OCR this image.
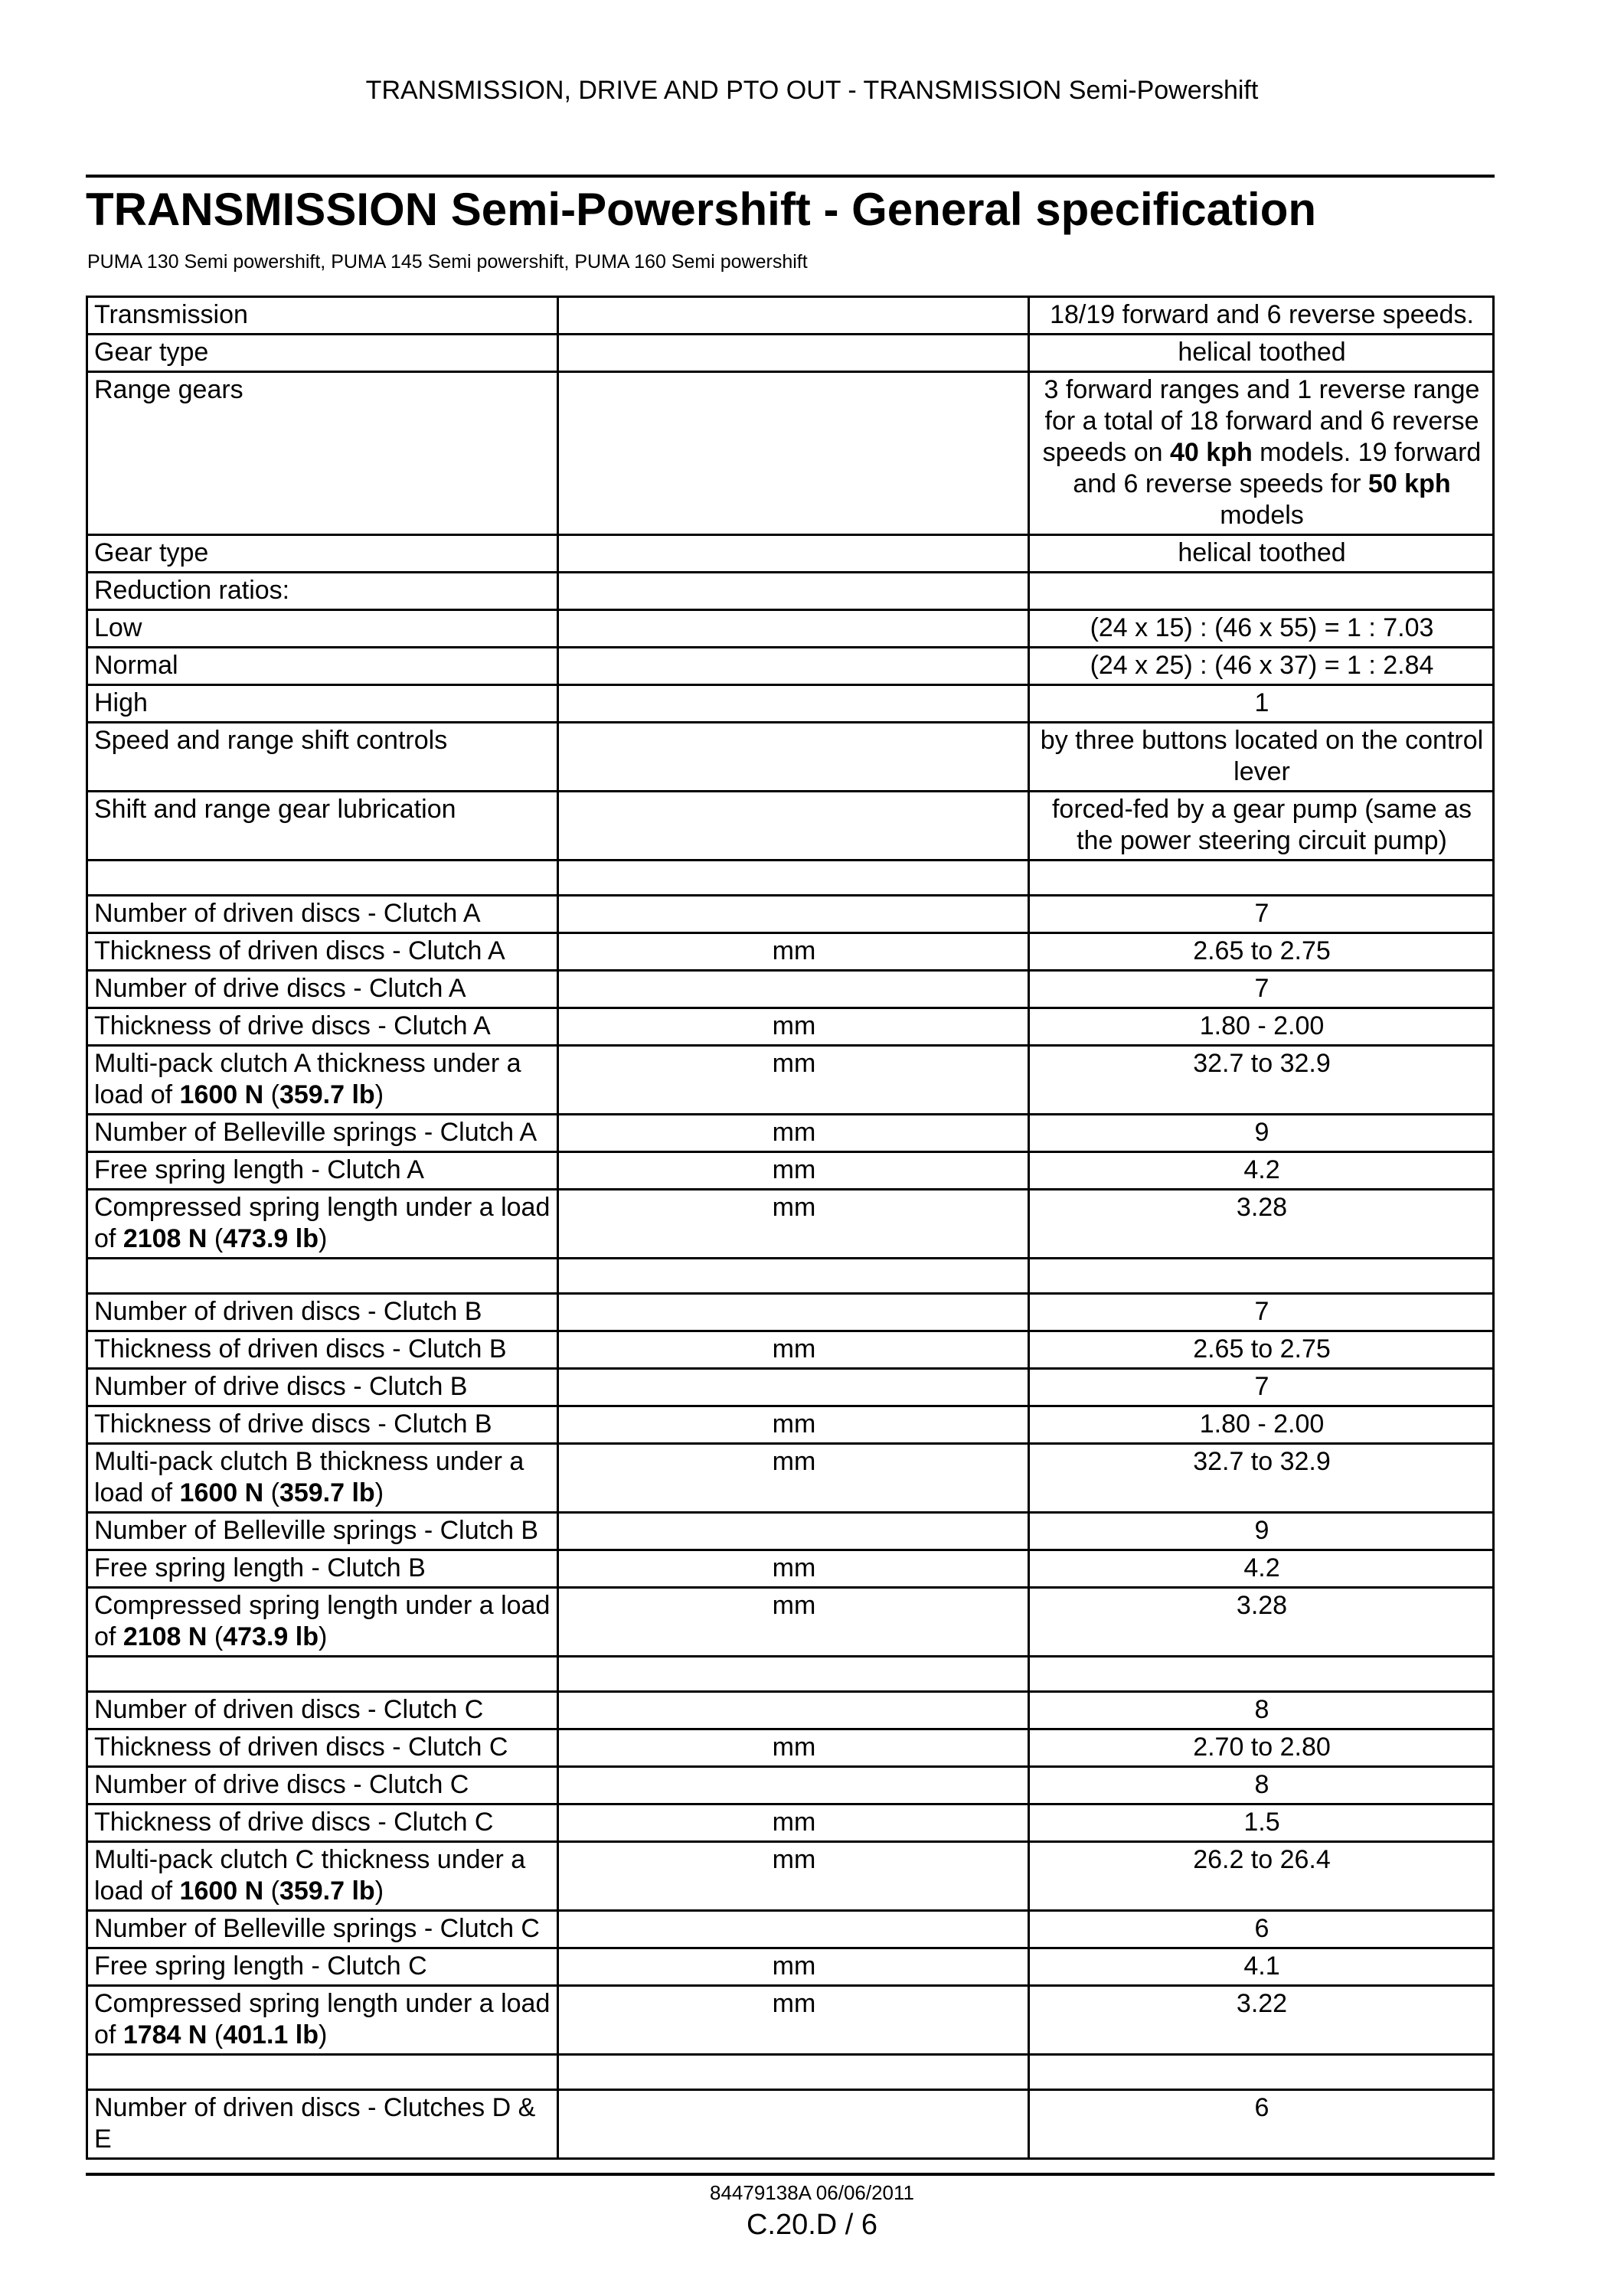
TRANSMISSION, DRIVE AND PTO OUT - TRANSMISSION Semi-Powershift
TRANSMISSION Semi-Powershift - General specification
PUMA 130 Semi powershift, PUMA 145 Semi powershift, PUMA 160 Semi powershift
Transmission		18/19 forward and 6 reverse speeds.
Gear type		helical toothed
Range gears		3 forward ranges and 1 reverse range for a total of 18 forward and 6 reverse speeds on 40 kph models. 19 forward and 6 reverse speeds for 50 kph models
Gear type		helical toothed
Reduction ratios:		
Low		(24 x 15) : (46 x 55) = 1 : 7.03
Normal		(24 x 25) : (46 x 37) = 1 : 2.84
High		1
Speed and range shift controls		by three buttons located on the control lever
Shift and range gear lubrication		forced-fed by a gear pump (same as the power steering circuit pump)

Number of driven discs - Clutch A		7
Thickness of driven discs - Clutch A	mm	2.65 to 2.75
Number of drive discs - Clutch A		7
Thickness of drive discs - Clutch A	mm	1.80 - 2.00
Multi-pack clutch A thickness under a load of 1600 N (359.7 lb)	mm	32.7 to 32.9
Number of Belleville springs - Clutch A	mm	9
Free spring length - Clutch A	mm	4.2
Compressed spring length under a load of 2108 N (473.9 lb)	mm	3.28

Number of driven discs - Clutch B		7
Thickness of driven discs - Clutch B	mm	2.65 to 2.75
Number of drive discs - Clutch B		7
Thickness of drive discs - Clutch B	mm	1.80 - 2.00
Multi-pack clutch B thickness under a load of 1600 N (359.7 lb)	mm	32.7 to 32.9
Number of Belleville springs - Clutch B		9
Free spring length - Clutch B	mm	4.2
Compressed spring length under a load of 2108 N (473.9 lb)	mm	3.28

Number of driven discs - Clutch C		8
Thickness of driven discs - Clutch C	mm	2.70 to 2.80
Number of drive discs - Clutch C		8
Thickness of drive discs - Clutch C	mm	1.5
Multi-pack clutch C thickness under a load of 1600 N (359.7 lb)	mm	26.2 to 26.4
Number of Belleville springs - Clutch C		6
Free spring length - Clutch C	mm	4.1
Compressed spring length under a load of 1784 N (401.1 lb)	mm	3.22

Number of driven discs - Clutches D & E		6
84479138A 06/06/2011
C.20.D / 6
